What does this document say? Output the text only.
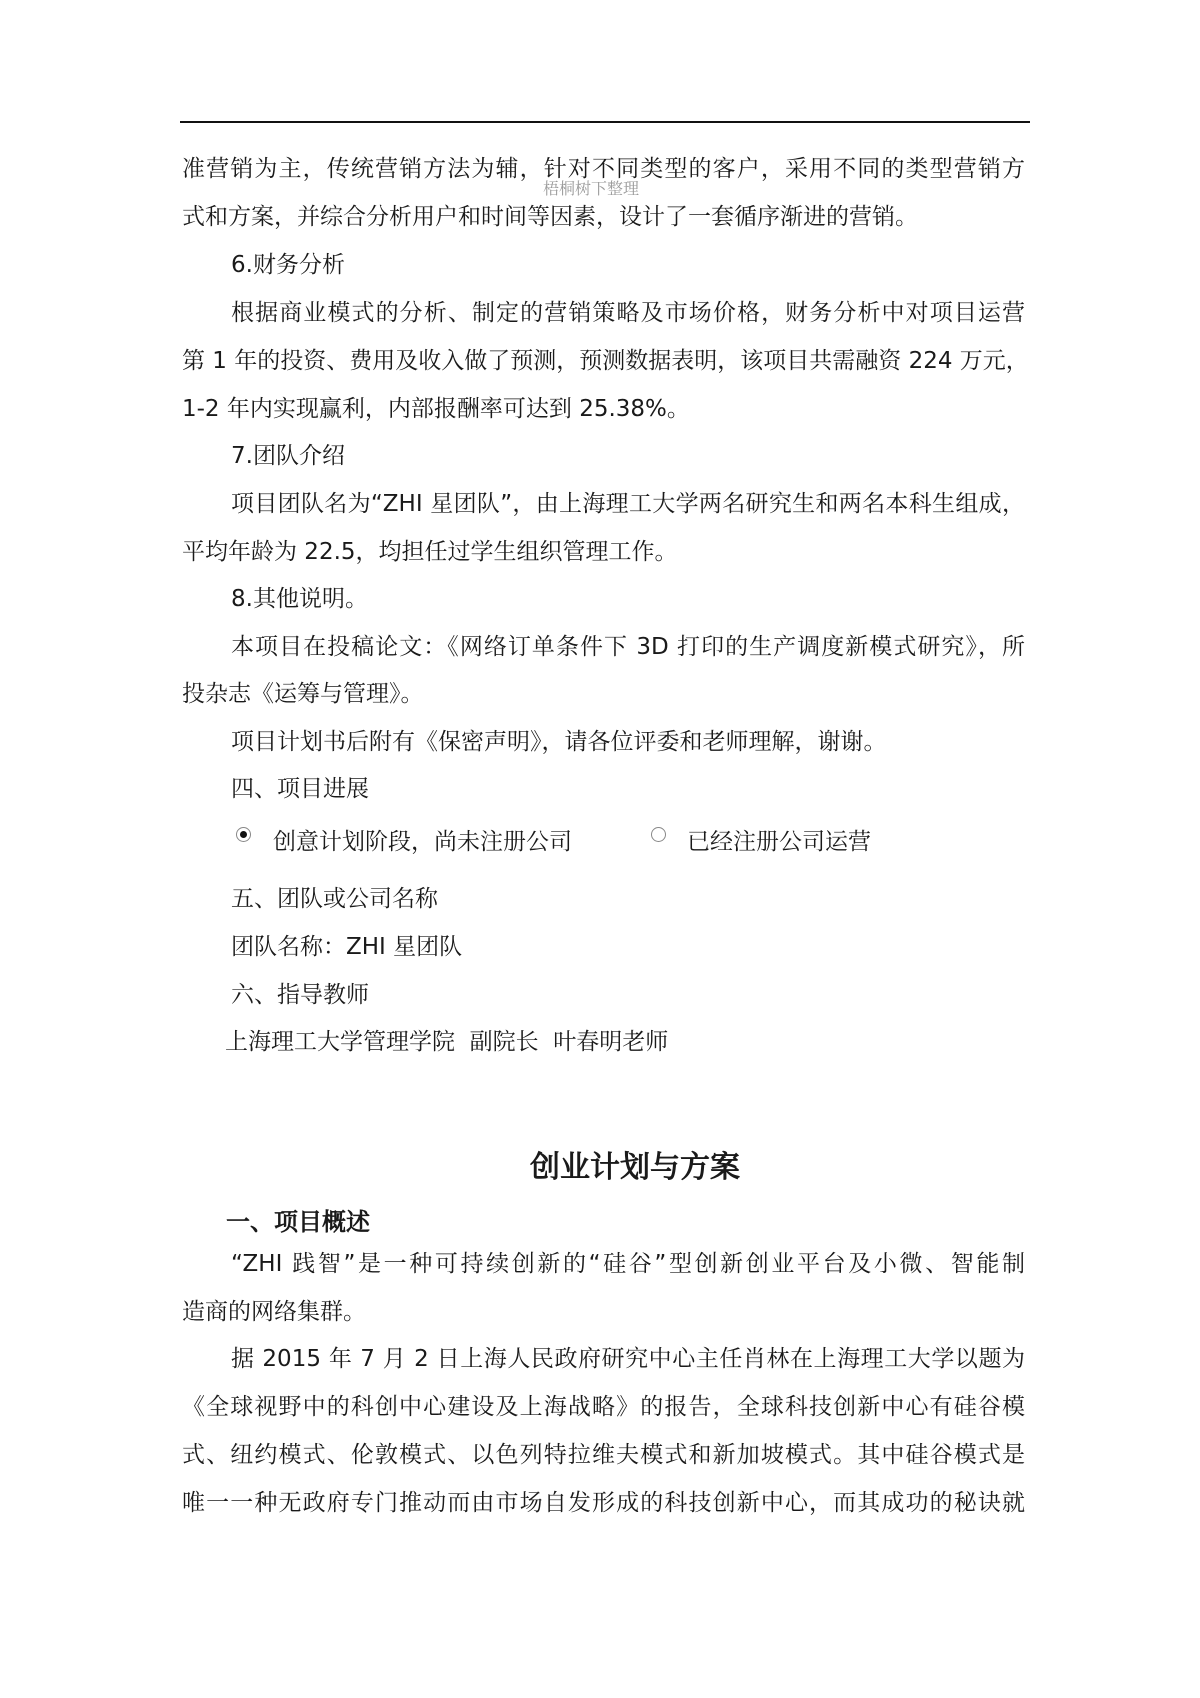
梧桐树下整理
准营销为主，传统营销方法为辅，针对不同类型的客户，采用不同的类型营销方
式和方案，并综合分析用户和时间等因素，设计了一套循序渐进的营销。
6.财务分析
根据商业模式的分析、制定的营销策略及市场价格，财务分析中对项目运营
第 1 年的投资、费用及收入做了预测，预测数据表明，该项目共需融资 224 万元，
1-2 年内实现赢利，内部报酬率可达到 25.38%。
7.团队介绍
项目团队名为“ZHI 星团队”，由上海理工大学两名研究生和两名本科生组成，
平均年龄为 22.5，均担任过学生组织管理工作。
8.其他说明。
本项目在投稿论文：《网络订单条件下 3D 打印的生产调度新模式研究》，所
投杂志《运筹与管理》。
项目计划书后附有《保密声明》，请各位评委和老师理解，谢谢。
四、项目进展
创意计划阶段，尚未注册公司	已经注册公司运营
五、团队或公司名称
团队名称：ZHI 星团队
六、指导教师
上海理工大学管理学院  副院长  叶春明老师
创业计划与方案
一、项目概述
“ZHI 践智”是一种可持续创新的“硅谷”型创新创业平台及小微、智能制
造商的网络集群。
据 2015 年 7 月 2 日上海人民政府研究中心主任肖林在上海理工大学以题为
《全球视野中的科创中心建设及上海战略》的报告，全球科技创新中心有硅谷模
式、纽约模式、伦敦模式、以色列特拉维夫模式和新加坡模式。其中硅谷模式是
唯一一种无政府专门推动而由市场自发形成的科技创新中心，而其成功的秘诀就
